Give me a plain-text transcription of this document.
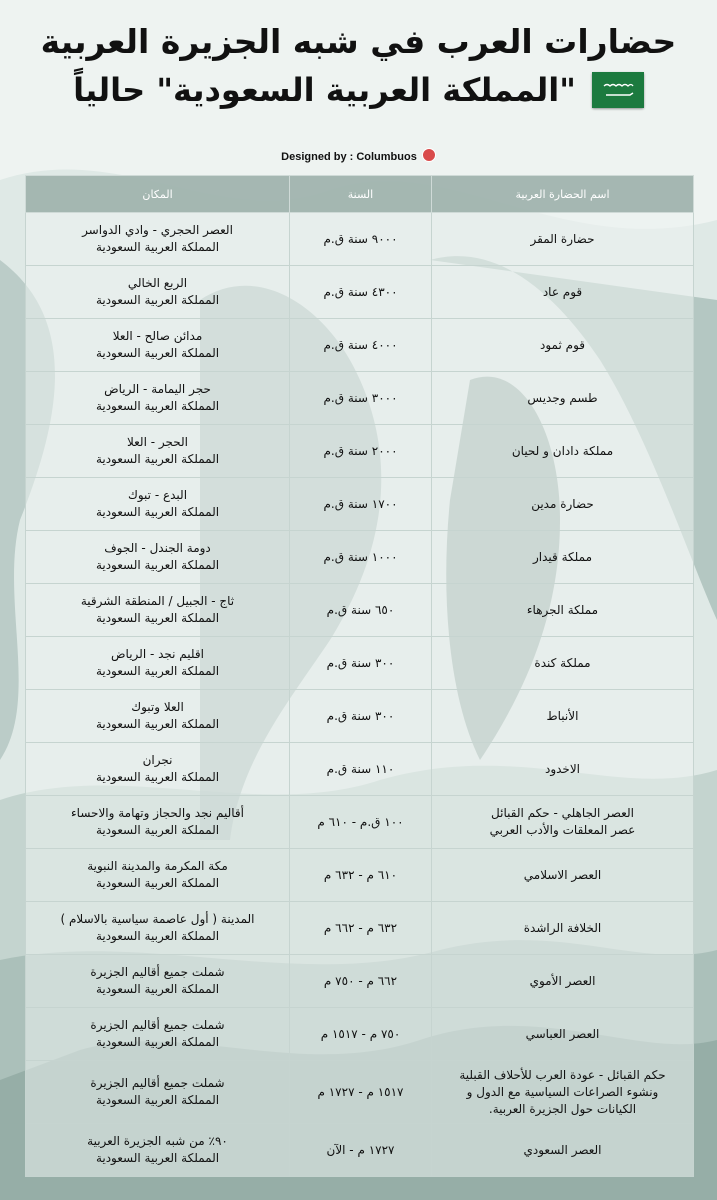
حضارات العرب في شبه الجزيرة العربية
"المملكة العربية السعودية" حالياً
Designed by : Columbuos
اسم الحضارة العربية	السنة	المكان

حضارة المقر	٩٠٠٠ سنة ق.م	العصر الحجري - وادي الدواسر
المملكة العربية السعودية

قوم عاد	٤٣٠٠ سنة ق.م	الربع الخالي
المملكة العربية السعودية

قوم ثمود	٤٠٠٠ سنة ق.م	مدائن صالح - العلا
المملكة العربية السعودية

طسم وجديس	٣٠٠٠ سنة ق.م	حجر اليمامة - الرياض
المملكة العربية السعودية

مملكة دادان و لحيان	٢٠٠٠ سنة ق.م	الحجر - العلا
المملكة العربية السعودية

حضارة مدين	١٧٠٠ سنة ق.م	البدع - تبوك
المملكة العربية السعودية

مملكة قيدار	١٠٠٠ سنة ق.م	دومة الجندل - الجوف
المملكة العربية السعودية

مملكة الجرهاء	٦٥٠ سنة ق.م	ثاج - الجبيل / المنطقة الشرقية
المملكة العربية السعودية

مملكة كندة	٣٠٠ سنة ق.م	اقليم نجد - الرياض
المملكة العربية السعودية

الأنباط	٣٠٠ سنة ق.م	العلا وتبوك
المملكة العربية السعودية

الاخدود	١١٠ سنة ق.م	نجران
المملكة العربية السعودية

العصر الجاهلي - حكم القبائل
عصر المعلقات والأدب العربي	١٠٠ ق.م - ٦١٠ م	أقاليم نجد والحجاز وتهامة والاحساء
المملكة العربية السعودية

العصر الاسلامي	٦١٠ م - ٦٣٢ م	مكة المكرمة والمدينة النبوية
المملكة العربية السعودية

الخلافة الراشدة	٦٣٢ م - ٦٦٢ م	المدينة ( أول عاصمة سياسية بالاسلام )
المملكة العربية السعودية

العصر الأموي	٦٦٢ م - ٧٥٠ م	شملت جميع أقاليم الجزيرة
المملكة العربية السعودية

العصر العباسي	٧٥٠ م - ١٥١٧ م	شملت جميع أقاليم الجزيرة
المملكة العربية السعودية

حكم القبائل - عودة العرب للأحلاف القبلية
ونشوء الصراعات السياسية مع الدول و
الكيانات حول الجزيرة العربية.	١٥١٧ م - ١٧٢٧ م	شملت جميع أقاليم الجزيرة
المملكة العربية السعودية

العصر السعودي	١٧٢٧ م - الآن	٩٠٪ من شبه الجزيرة العربية
المملكة العربية السعودية
